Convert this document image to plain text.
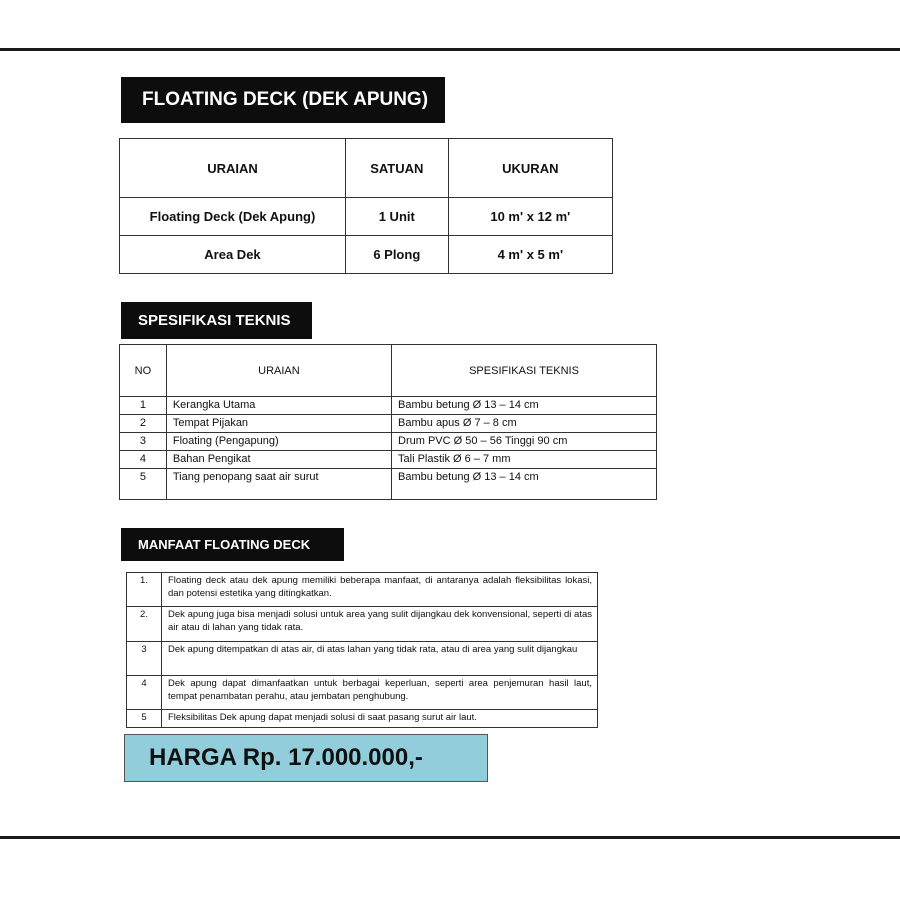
FLOATING DECK (DEK APUNG)
URAIAN	SATUAN	UKURAN
Floating Deck (Dek Apung)	1 Unit	10 m' x 12 m'
Area Dek	6 Plong	4 m' x 5 m'
SPESIFIKASI TEKNIS
NO	URAIAN	SPESIFIKASI TEKNIS
1	Kerangka Utama	Bambu betung Ø 13 – 14 cm
2	Tempat Pijakan	Bambu apus Ø 7 – 8 cm
3	Floating (Pengapung)	Drum PVC Ø 50 – 56 Tinggi 90 cm
4	Bahan Pengikat	Tali Plastik Ø 6 – 7 mm
5	Tiang penopang saat air surut	Bambu betung Ø 13 – 14 cm
MANFAAT FLOATING DECK
1.	Floating deck atau dek apung memiliki beberapa manfaat, di antaranya adalah fleksibilitas lokasi, dan potensi estetika yang ditingkatkan.
2.	Dek apung juga bisa menjadi solusi untuk area yang sulit dijangkau dek konvensional, seperti di atas air atau di lahan yang tidak rata.
3	Dek apung ditempatkan di atas air, di atas lahan yang tidak rata, atau di area yang sulit dijangkau
4	Dek apung dapat dimanfaatkan untuk berbagai keperluan, seperti area penjemuran hasil laut, tempat penambatan perahu, atau jembatan penghubung.
5	Fleksibilitas Dek apung dapat menjadi solusi di saat pasang surut air laut.
HARGA Rp. 17.000.000,-
